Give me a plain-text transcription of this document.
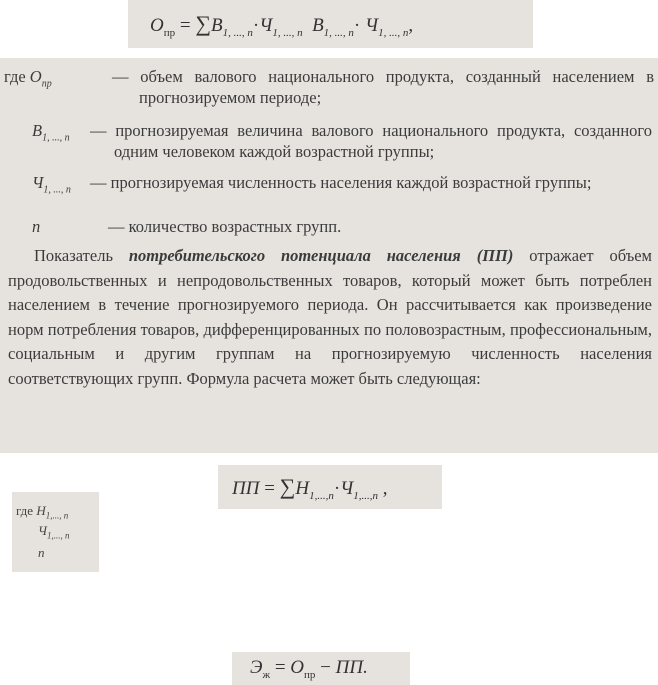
$О_{пр} = \sum В_{1, ..., n}\cdot Ч_{1, ..., n}$ $В_{1, ..., n}\cdot Ч_{1, ..., n}$,
где $О_{пр}$	— объем валового национального продукта, созданный населением в прогнозируемом периоде;
$В_{1, ..., n}$ — прогнозируемая величина валового национального продукта, созданного одним человеком каждой возрастной группы;
$Ч_{1, ..., n}$ — прогнозируемая численность населения каждой возрастной группы;
n	— количество возрастных групп.
Показатель потребительского потенциала населения (ПП) отражает объем продовольственных и непродовольственных товаров, который может быть потреблен населением в течение прогнозируемого периода. Он рассчитывается как произведение норм потребления товаров, дифференцированных по половозрастным, профессиональным, социальным и другим группам на прогнозируемую численность населения соответствующих групп. Формула расчета может быть следующая:
ПП = $\sum Н_{1,...,n}\cdot Ч_{1,...,n}$ ,
где $Н_{1,..., n}$
$Ч_{1,..., n}$
n
$Э_ж = О_{пр}$ − ПП.
